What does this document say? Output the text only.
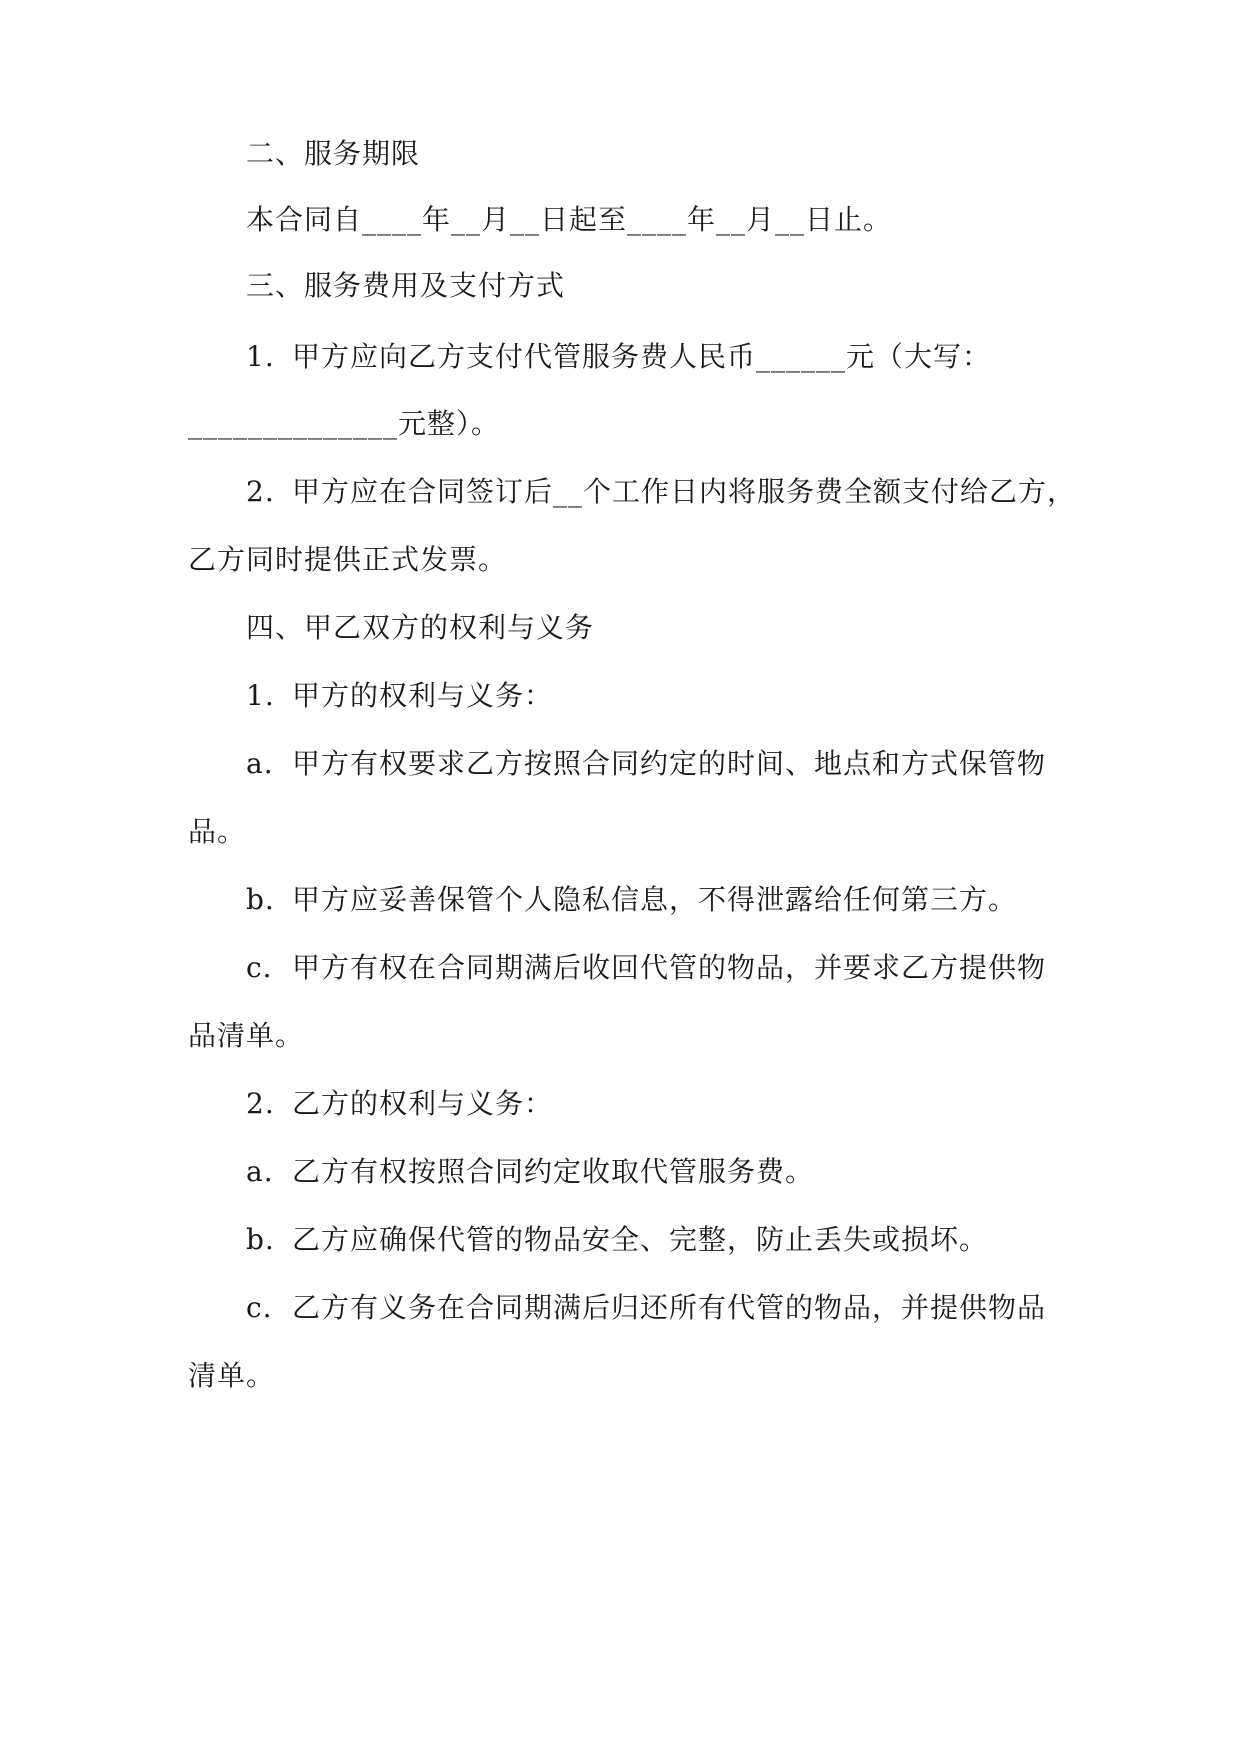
二、服务期限
本合同自____年__月__日起至____年__月__日止。
三、服务费用及支付方式
1. 甲方应向乙方支付代管服务费人民币______元（大写：
______________元整）。
2. 甲方应在合同签订后__个工作日内将服务费全额支付给乙方，
乙方同时提供正式发票。
四、甲乙双方的权利与义务
1. 甲方的权利与义务：
a. 甲方有权要求乙方按照合同约定的时间、地点和方式保管物
品。
b. 甲方应妥善保管个人隐私信息，不得泄露给任何第三方。
c. 甲方有权在合同期满后收回代管的物品，并要求乙方提供物
品清单。
2. 乙方的权利与义务：
a. 乙方有权按照合同约定收取代管服务费。
b. 乙方应确保代管的物品安全、完整，防止丢失或损坏。
c. 乙方有义务在合同期满后归还所有代管的物品，并提供物品
清单。
